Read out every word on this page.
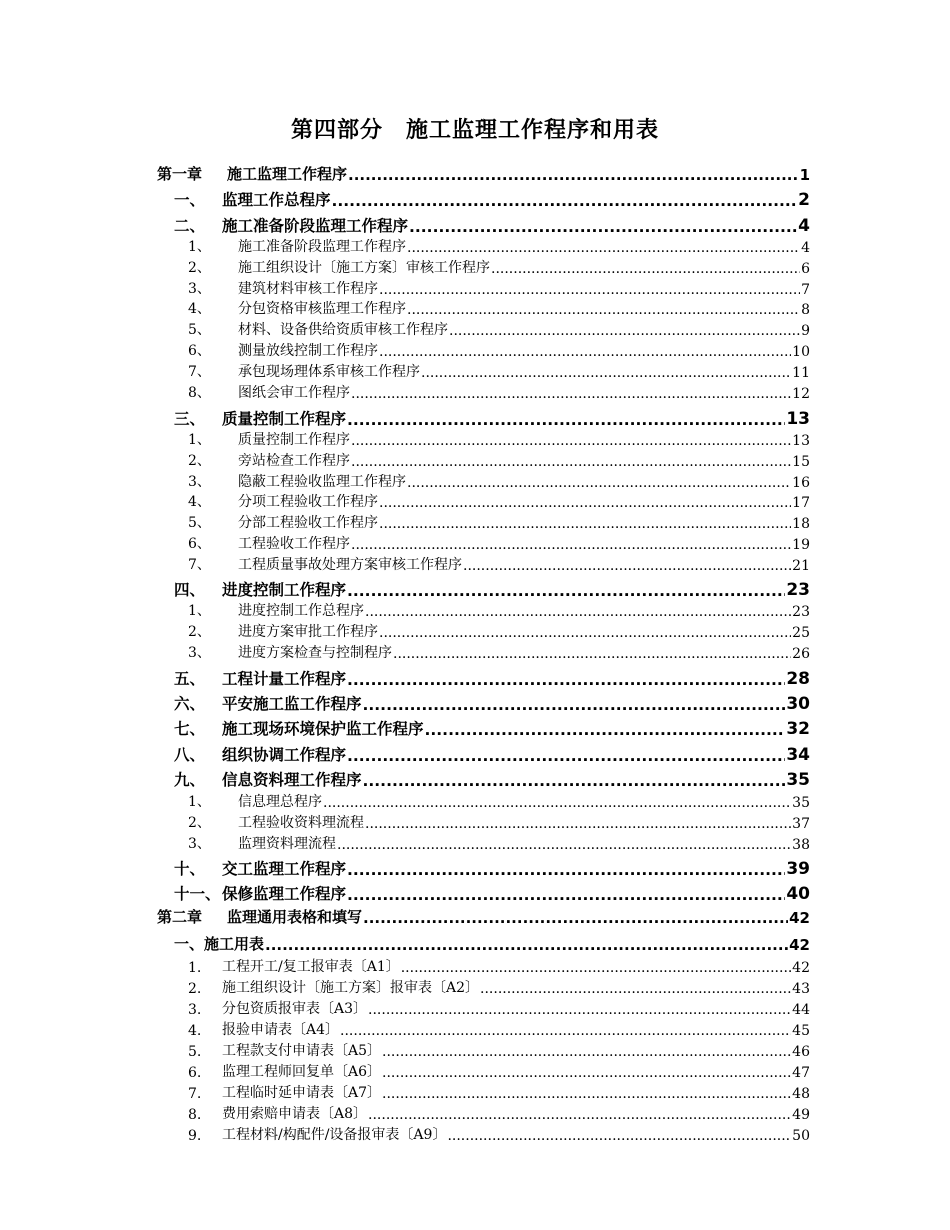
第四部分　施工监理工作程序和用表
第一章	施工监理工作程序 .....	1
一、	监理工作总程序 .....	2
二、	施工准备阶段监理工作程序 .....	4
1、	施工准备阶段监理工作程序 .....	4
2、	施工组织设计〔施工方案〕审核工作程序 .....	6
3、	建筑材料审核工作程序 .....	7
4、	分包资格审核监理工作程序 .....	8
5、	材料、设备供给资质审核工作程序 .....	9
6、	测量放线控制工作程序 .....	10
7、	承包现场理体系审核工作程序 .....	11
8、	图纸会审工作程序 .....	12
三、	质量控制工作程序 .....	13
1、	质量控制工作程序 .....	13
2、	旁站检查工作程序 .....	15
3、	隐蔽工程验收监理工作程序 .....	16
4、	分项工程验收工作程序 .....	17
5、	分部工程验收工作程序 .....	18
6、	工程验收工作程序 .....	19
7、	工程质量事故处理方案审核工作程序 .....	21
四、	进度控制工作程序 .....	23
1、	进度控制工作总程序 .....	23
2、	进度方案审批工作程序 .....	25
3、	进度方案检查与控制程序 .....	26
五、	工程计量工作程序 .....	28
六、	平安施工监工作程序 .....	30
七、	施工现场环境保护监工作程序 .....	32
八、	组织协调工作程序 .....	34
九、	信息资料理工作程序 .....	35
1、	信息理总程序 .....	35
2、	工程验收资料理流程 .....	37
3、	监理资料理流程 .....	38
十、	交工监理工作程序 .....	39
十一、 保修监理工作程序 .....	40
第二章	监理通用表格和填写 .....	42
一、施工用表 .....	42
1.	工程开工/复工报审表〔A1〕 .....	42
2.	施工组织设计〔施工方案〕报审表〔A2〕 .....	43
3.	分包资质报审表〔A3〕 .....	44
4.	报验申请表〔A4〕 .....	45
5.	工程款支付申请表〔A5〕 .....	46
6.	监理工程师回复单〔A6〕 .....	47
7.	工程临时延申请表〔A7〕 .....	48
8.	费用索赔申请表〔A8〕 .....	49
9.	工程材料/构配件/设备报审表〔A9〕 .....	50
